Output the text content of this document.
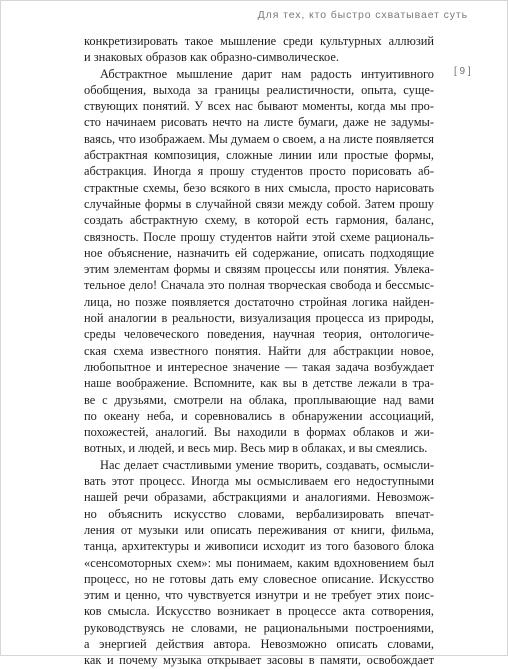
Для тех, кто быстро схватывает суть
[ 9 ]
конкретизировать такое мышление среди культурных аллюзий
и знаковых образов как образно-символическое.
Абстрактное мышление дарит нам радость интуитивного
обобщения, выхода за границы реалистичности, опыта, суще-
ствующих понятий. У всех нас бывают моменты, когда мы про-
сто начинаем рисовать нечто на листе бумаги, даже не задумы-
ваясь, что изображаем. Мы думаем о своем, а на листе появляется
абстрактная композиция, сложные линии или простые формы,
абстракция. Иногда я прошу студентов просто порисовать аб-
страктные схемы, безо всякого в них смысла, просто нарисовать
случайные формы в случайной связи между собой. Затем прошу
создать абстрактную схему, в которой есть гармония, баланс,
связность. После прошу студентов найти этой схеме рациональ-
ное объяснение, назначить ей содержание, описать подходящие
этим элементам формы и связям процессы или понятия. Увлека-
тельное дело! Сначала это полная творческая свобода и бессмыс-
лица, но позже появляется достаточно стройная логика найден-
ной аналогии в реальности, визуализация процесса из природы,
среды человеческого поведения, научная теория, онтологиче-
ская схема известного понятия. Найти для абстракции новое,
любопытное и интересное значение — такая задача возбуждает
наше воображение. Вспомните, как вы в детстве лежали в тра-
ве с друзьями, смотрели на облака, проплывающие над вами
по океану неба, и соревновались в обнаружении ассоциаций,
похожестей, аналогий. Вы находили в формах облаков и жи-
вотных, и людей, и весь мир. Весь мир в облаках, и вы смеялись.
Нас делает счастливыми умение творить, создавать, осмысли-
вать этот процесс. Иногда мы осмысливаем его недоступными
нашей речи образами, абстракциями и аналогиями. Невозмож-
но объяснить искусство словами, вербализировать впечат-
ления от музыки или описать переживания от книги, фильма,
танца, архитектуры и живописи исходит из того базового блока
«сенсомоторных схем»: мы понимаем, каким вдохновением был
процесс, но не готовы дать ему словесное описание. Искусство
этим и ценно, что чувствуется изнутри и не требует этих поис-
ков смысла. Искусство возникает в процессе акта сотворения,
руководствуясь не словами, не рациональными построениями,
а энергией действия автора. Невозможно описать словами,
как и почему музыка открывает засовы в памяти, освобождает
